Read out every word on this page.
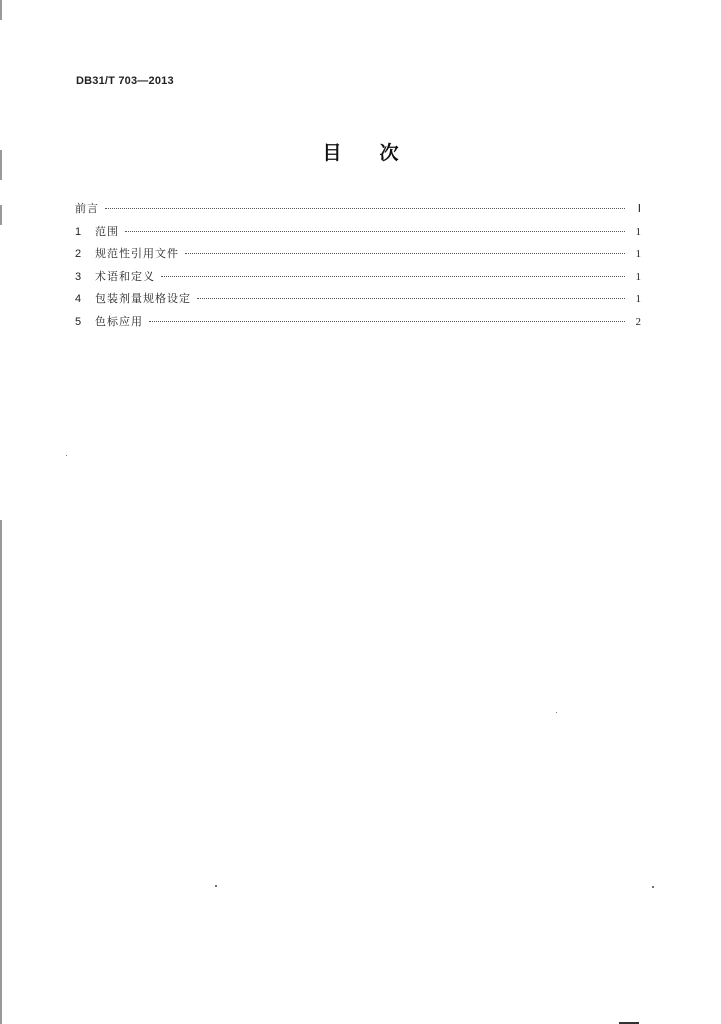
DB31/T 703—2013
目次
前言	Ⅰ
1	范围	1
2	规范性引用文件	1
3	术语和定义	1
4	包装剂量规格设定	1
5	色标应用	2
